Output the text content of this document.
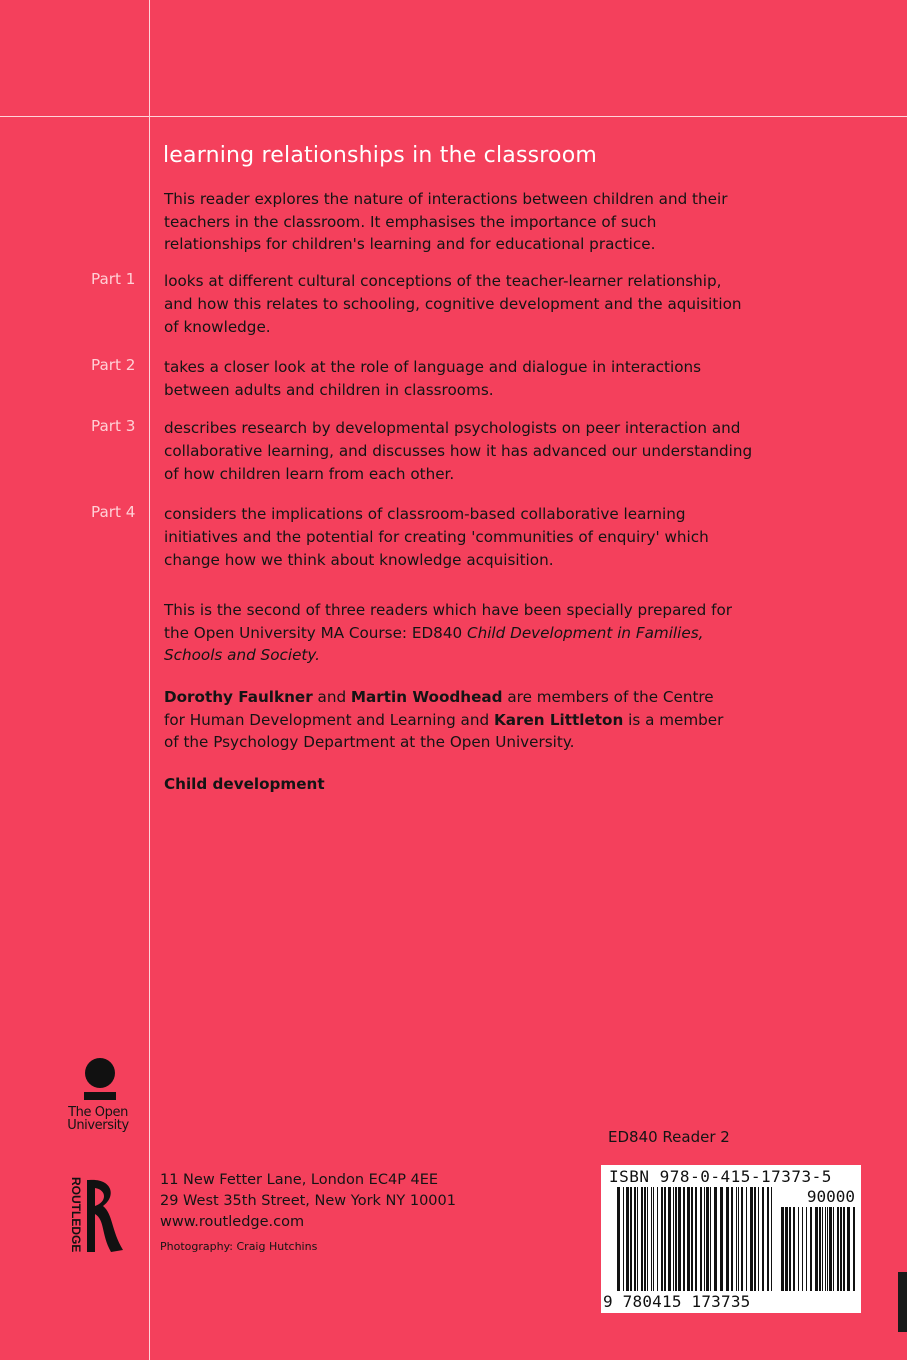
learning relationships in the classroom

This reader explores the nature of interactions between children and their teachers in the classroom. It emphasises the importance of such relationships for children's learning and for educational practice.

Part 1 looks at different cultural conceptions of the teacher-learner relationship, and how this relates to schooling, cognitive development and the aquisition of knowledge.

Part 2 takes a closer look at the role of language and dialogue in interactions between adults and children in classrooms.

Part 3 describes research by developmental psychologists on peer interaction and collaborative learning, and discusses how it has advanced our understanding of how children learn from each other.

Part 4 considers the implications of classroom-based collaborative learning initiatives and the potential for creating 'communities of enquiry' which change how we think about knowledge acquisition.

This is the second of three readers which have been specially prepared for the Open University MA Course: ED840 Child Development in Families, Schools and Society.

Dorothy Faulkner and Martin Woodhead are members of the Centre for Human Development and Learning and Karen Littleton is a member of the Psychology Department at the Open University.

Child development
The Open
University
ROUTLEDGE	11 New Fetter Lane, London EC4P 4EE
29 West 35th Street, New York NY 10001
www.routledge.com
Photography: Craig Hutchins
ED840 Reader 2
ISBN 978-0-415-17373-5
90000
9 780415 173735
